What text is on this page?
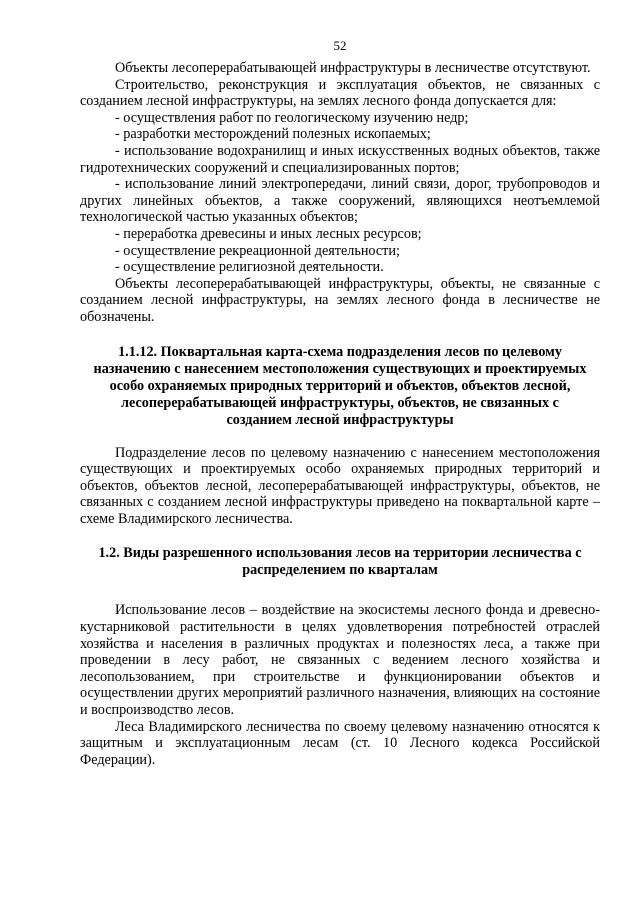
52

Объекты лесоперерабатывающей инфраструктуры в лесничестве отсутствуют.

Строительство, реконструкция и эксплуатация объектов, не связанных с созданием лесной инфраструктуры, на землях лесного фонда допускается для:

- осуществления работ по геологическому изучению недр;

- разработки месторождений полезных ископаемых;

- использование водохранилищ и иных искусственных водных объектов, также гидротехнических сооружений и специализированных портов;

- использование линий электропередачи, линий связи, дорог, трубопроводов и других линейных объектов, а также сооружений, являющихся неотъемлемой технологической частью указанных объектов;

- переработка древесины и иных лесных ресурсов;

- осуществление рекреационной деятельности;

- осуществление религиозной деятельности.

Объекты лесоперерабатывающей инфраструктуры, объекты, не связанные с созданием лесной инфраструктуры, на землях лесного фонда в лесничестве не обозначены.

1.1.12. Поквартальная карта-схема подразделения лесов по целевому назначению с нанесением местоположения существующих и проектируемых особо охраняемых природных территорий и объектов, объектов лесной, лесоперерабатывающей инфраструктуры, объектов, не связанных с созданием лесной инфраструктуры

Подразделение лесов по целевому назначению с нанесением местоположения существующих и проектируемых особо охраняемых природных территорий и объектов, объектов лесной, лесоперерабатывающей инфраструктуры, объектов, не связанных с созданием лесной инфраструктуры приведено на поквартальной карте – схеме Владимирского лесничества.

1.2. Виды разрешенного использования лесов на территории лесничества с распределением по кварталам

Использование лесов – воздействие на экосистемы лесного фонда и древесно-кустарниковой растительности в целях удовлетворения потребностей отраслей хозяйства и населения в различных продуктах и полезностях леса, а также при проведении в лесу работ, не связанных с ведением лесного хозяйства и лесопользованием, при строительстве и функционировании объектов и осуществлении других мероприятий различного назначения, влияющих на состояние и воспроизводство лесов.

Леса Владимирского лесничества по своему целевому назначению относятся к защитным и эксплуатационным лесам (ст. 10 Лесного кодекса Российской Федерации).
